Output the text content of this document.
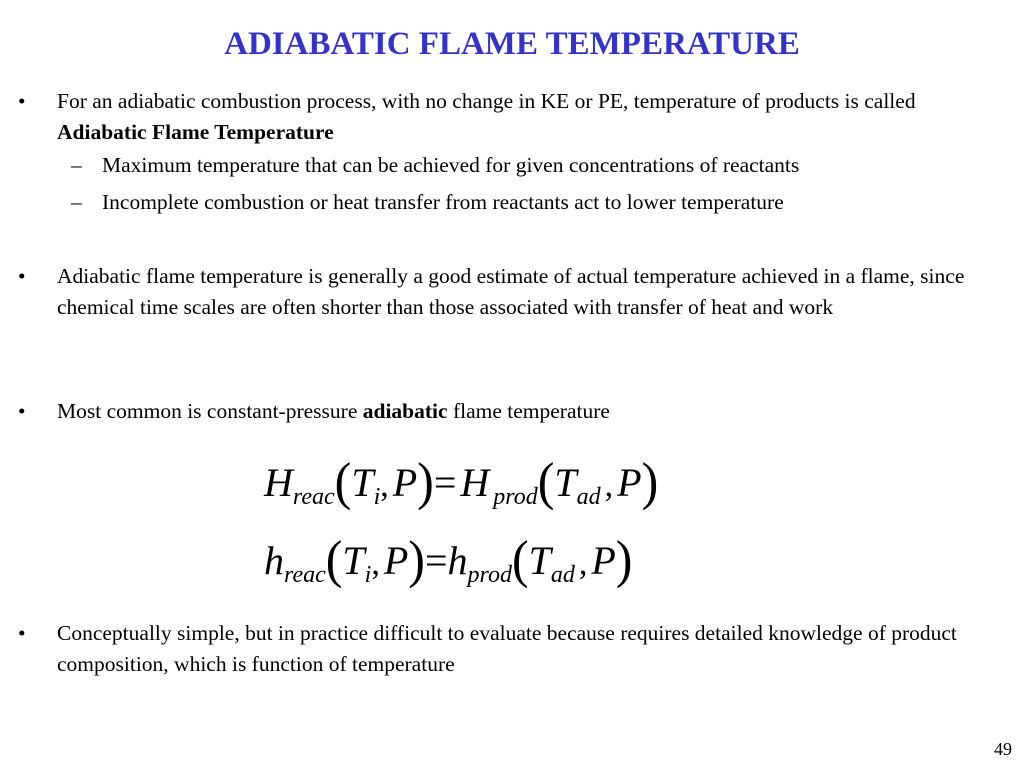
ADIABATIC FLAME TEMPERATURE
• For an adiabatic combustion process, with no change in KE or PE, temperature of products is called Adiabatic Flame Temperature
– Maximum temperature that can be achieved for given concentrations of reactants
– Incomplete combustion or heat transfer from reactants act to lower temperature
• Adiabatic flame temperature is generally a good estimate of actual temperature achieved in a flame, since chemical time scales are often shorter than those associated with transfer of heat and work
• Most common is constant-pressure adiabatic flame temperature
Hreac(Ti, P)= H prod(Tad , P)
hreac(Ti, P)=hprod(Tad , P)
• Conceptually simple, but in practice difficult to evaluate because requires detailed knowledge of product composition, which is function of temperature
49
